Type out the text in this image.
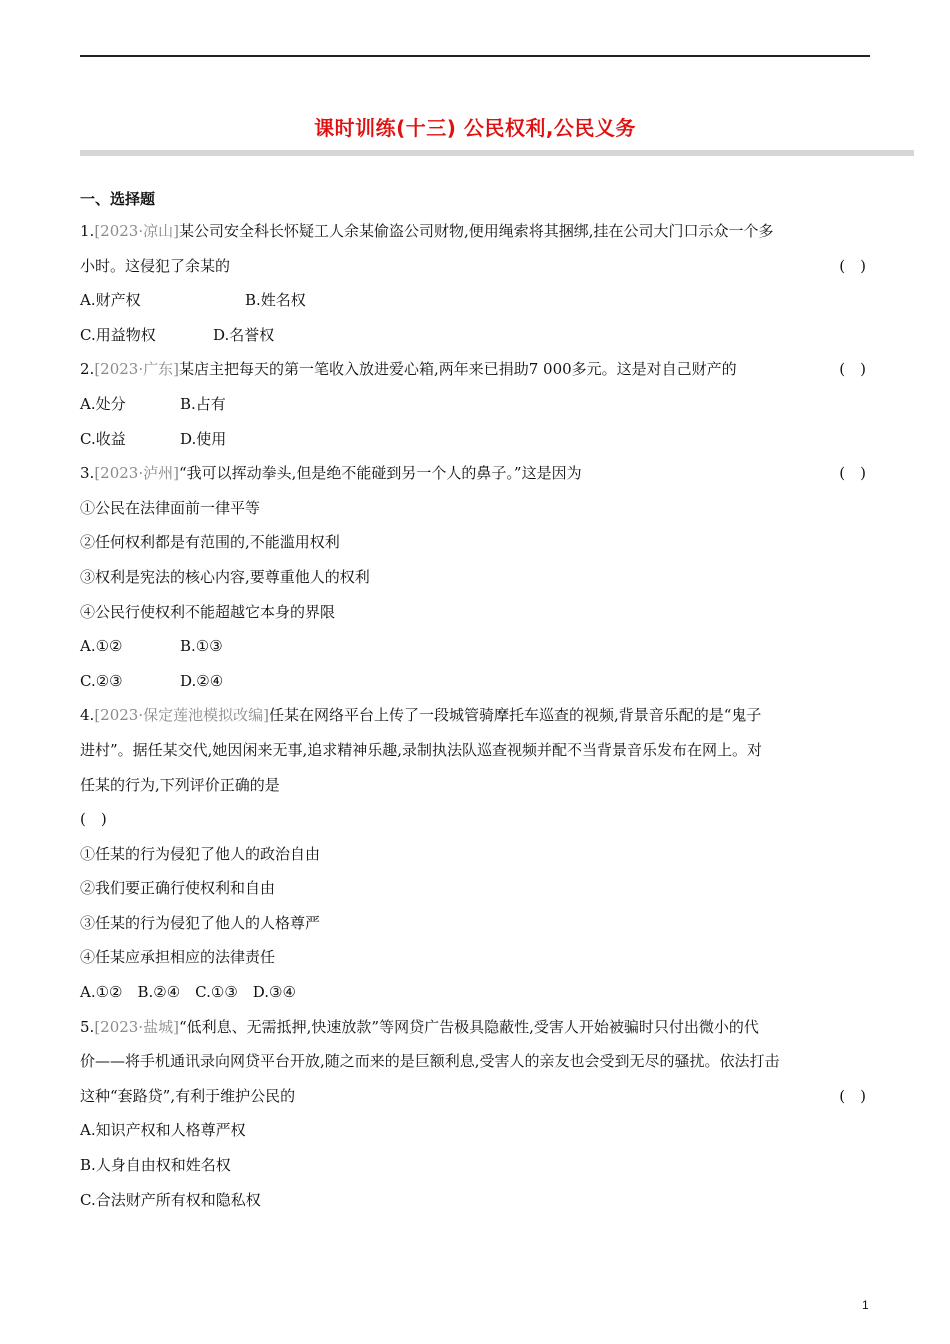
课时训练(十三) 公民权利,公民义务
一、选择题
1.[2023·凉山]某公司安全科长怀疑工人余某偷盗公司财物,便用绳索将其捆绑,挂在公司大门口示众一个多
小时。这侵犯了余某的	(　)
A.财产权	B.姓名权
C.用益物权	D.名誉权
2.[2023·广东]某店主把每天的第一笔收入放进爱心箱,两年来已捐助7 000多元。这是对自己财产的	(　)
A.处分	B.占有
C.收益	D.使用
3.[2023·泸州]“我可以挥动拳头,但是绝不能碰到另一个人的鼻子。”这是因为	(　)
①公民在法律面前一律平等
②任何权利都是有范围的,不能滥用权利
③权利是宪法的核心内容,要尊重他人的权利
④公民行使权利不能超越它本身的界限
A.①②	B.①③
C.②③	D.②④
4.[2023·保定莲池模拟改编]任某在网络平台上传了一段城管骑摩托车巡查的视频,背景音乐配的是“鬼子
进村”。据任某交代,她因闲来无事,追求精神乐趣,录制执法队巡查视频并配不当背景音乐发布在网上。对
任某的行为,下列评价正确的是
(　)
①任某的行为侵犯了他人的政治自由
②我们要正确行使权利和自由
③任某的行为侵犯了他人的人格尊严
④任某应承担相应的法律责任
A.①②　B.②④　C.①③　D.③④
5.[2023·盐城]“低利息、无需抵押,快速放款”等网贷广告极具隐蔽性,受害人开始被骗时只付出微小的代
价——将手机通讯录向网贷平台开放,随之而来的是巨额利息,受害人的亲友也会受到无尽的骚扰。依法打击
这种“套路贷”,有利于维护公民的	(　)
A.知识产权和人格尊严权
B.人身自由权和姓名权
C.合法财产所有权和隐私权
1
